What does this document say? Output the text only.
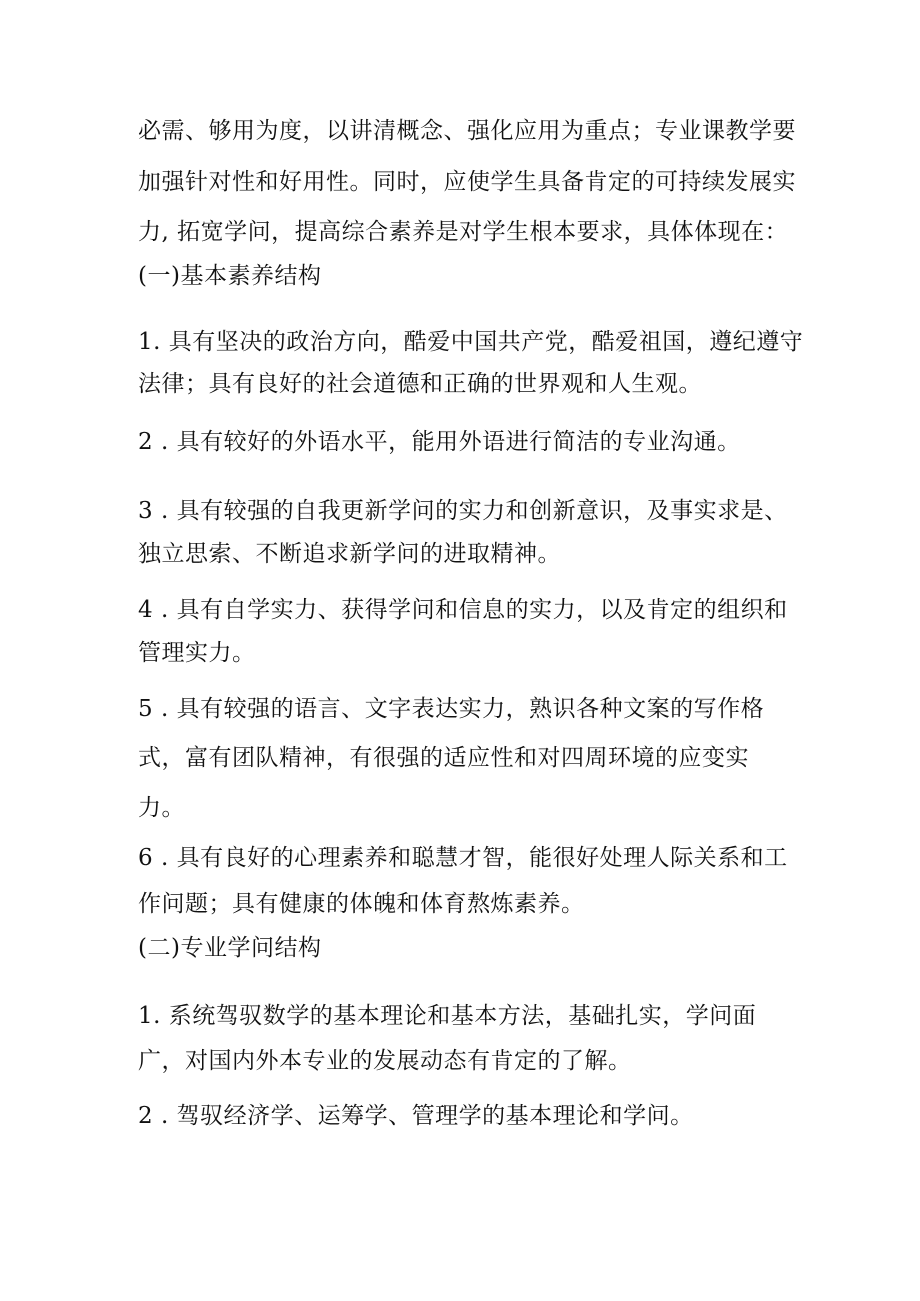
必需、够用为度，以讲清概念、强化应用为重点；专业课教学要
加强针对性和好用性。同时，应使学生具备肯定的可持续发展实
力, 拓宽学问，提高综合素养是对学生根本要求，具体体现在：
(一)基本素养结构
1. 具有坚决的政治方向，酷爱中国共产党，酷爱祖国，遵纪遵守
法律；具有良好的社会道德和正确的世界观和人生观。
2 . 具有较好的外语水平，能用外语进行简洁的专业沟通。
3 . 具有较强的自我更新学问的实力和创新意识，及事实求是、
独立思索、不断追求新学问的进取精神。
4 . 具有自学实力、获得学问和信息的实力，以及肯定的组织和
管理实力。
5 . 具有较强的语言、文字表达实力，熟识各种文案的写作格
式，富有团队精神，有很强的适应性和对四周环境的应变实
力。
6 . 具有良好的心理素养和聪慧才智，能很好处理人际关系和工
作问题；具有健康的体魄和体育熬炼素养。
(二)专业学问结构
1. 系统驾驭数学的基本理论和基本方法，基础扎实，学问面
广，对国内外本专业的发展动态有肯定的了解。
2 . 驾驭经济学、运筹学、管理学的基本理论和学问。
